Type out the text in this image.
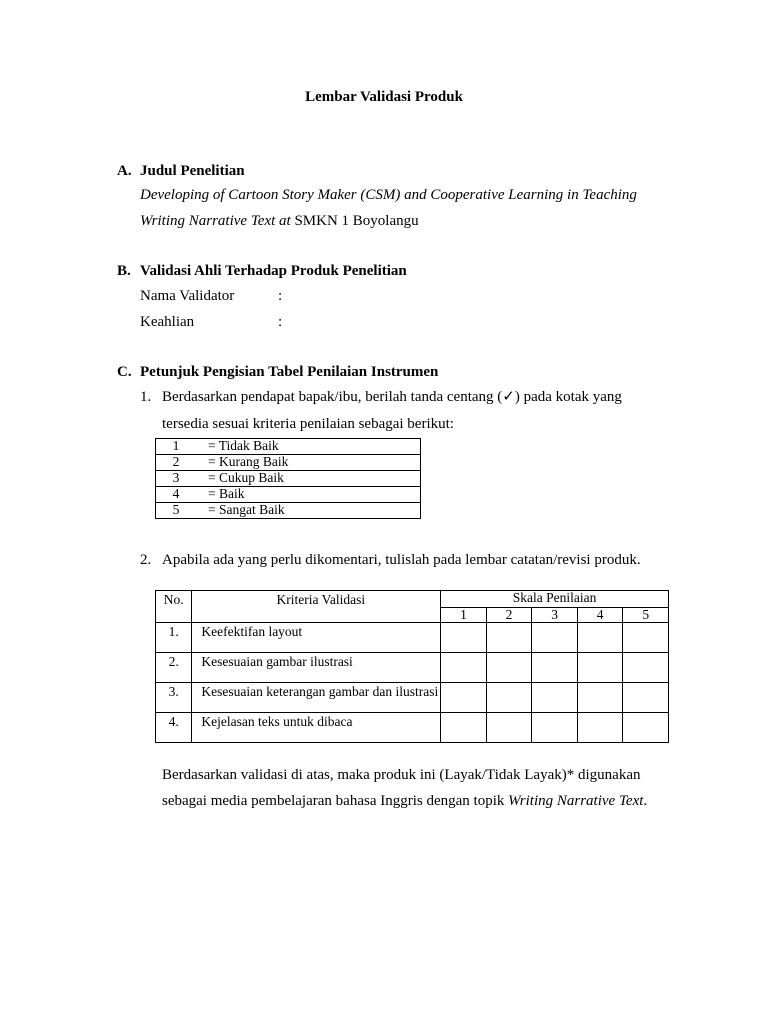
Lembar Validasi Produk
A. Judul Penelitian
Developing of Cartoon Story Maker (CSM) and Cooperative Learning in Teaching
Writing Narrative Text at SMKN 1 Boyolangu
B. Validasi Ahli Terhadap Produk Penelitian
Nama Validator	:
Keahlian	:
C. Petunjuk Pengisian Tabel Penilaian Instrumen
1. Berdasarkan pendapat bapak/ibu, berilah tanda centang (✓) pada kotak yang
tersedia sesuai kriteria penilaian sebagai berikut:
1	= Tidak Baik
2	= Kurang Baik
3	= Cukup Baik
4	= Baik
5	= Sangat Baik
2. Apabila ada yang perlu dikomentari, tulislah pada lembar catatan/revisi produk.
No.	Kriteria Validasi	Skala Penilaian				
		1	2	3	4	5
1.	Keefektifan layout					
2.	Kesesuaian gambar ilustrasi					
3.	Kesesuaian keterangan gambar dan ilustrasi					
4.	Kejelasan teks untuk dibaca					
Berdasarkan validasi di atas, maka produk ini (Layak/Tidak Layak)* digunakan
sebagai media pembelajaran bahasa Inggris dengan topik Writing Narrative Text.
